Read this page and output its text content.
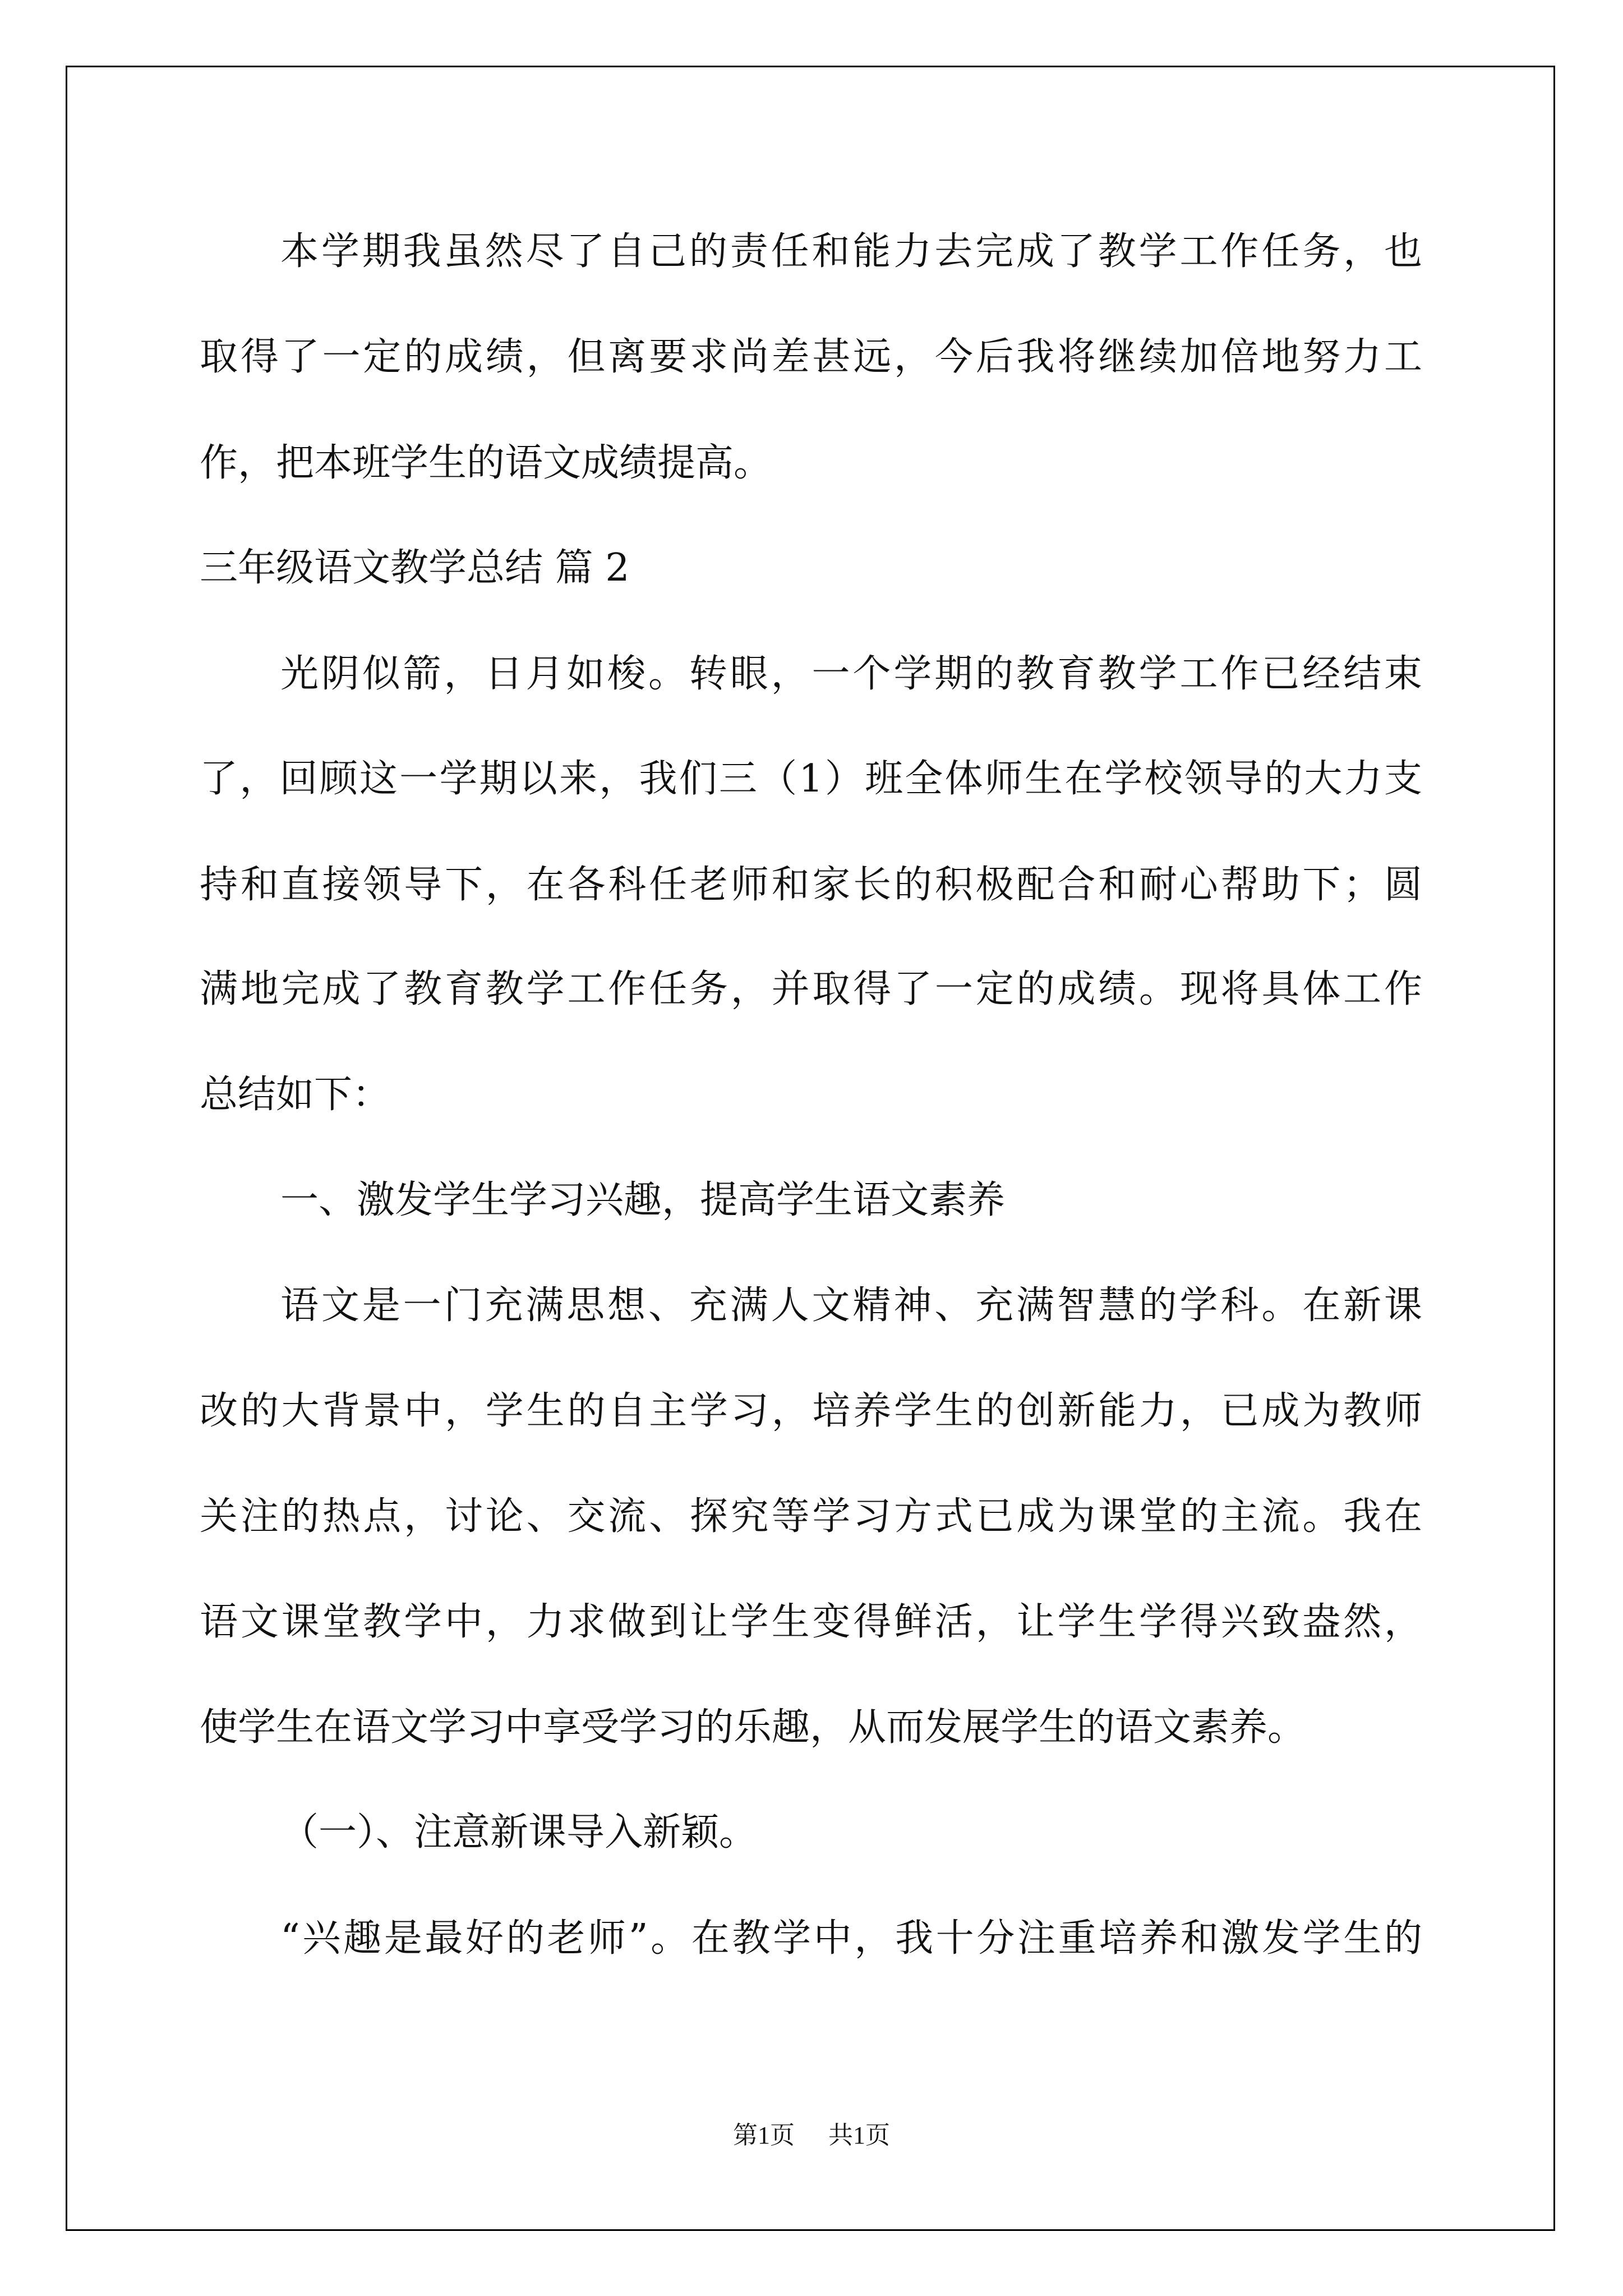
本学期我虽然尽了自己的责任和能力去完成了教学工作任务，也
取得了一定的成绩，但离要求尚差甚远，今后我将继续加倍地努力工
作，把本班学生的语文成绩提高。
三年级语文教学总结 篇 2
光阴似箭，日月如梭。转眼，一个学期的教育教学工作已经结束
了，回顾这一学期以来，我们三（1）班全体师生在学校领导的大力支
持和直接领导下，在各科任老师和家长的积极配合和耐心帮助下；圆
满地完成了教育教学工作任务，并取得了一定的成绩。现将具体工作
总结如下：
一、激发学生学习兴趣，提高学生语文素养
语文是一门充满思想、充满人文精神、充满智慧的学科。在新课
改的大背景中，学生的自主学习，培养学生的创新能力，已成为教师
关注的热点，讨论、交流、探究等学习方式已成为课堂的主流。我在
语文课堂教学中，力求做到让学生变得鲜活，让学生学得兴致盎然，
使学生在语文学习中享受学习的乐趣，从而发展学生的语文素养。
（一）、注意新课导入新颖。
“兴趣是最好的老师”。在教学中，我十分注重培养和激发学生的
第1页 共1页
